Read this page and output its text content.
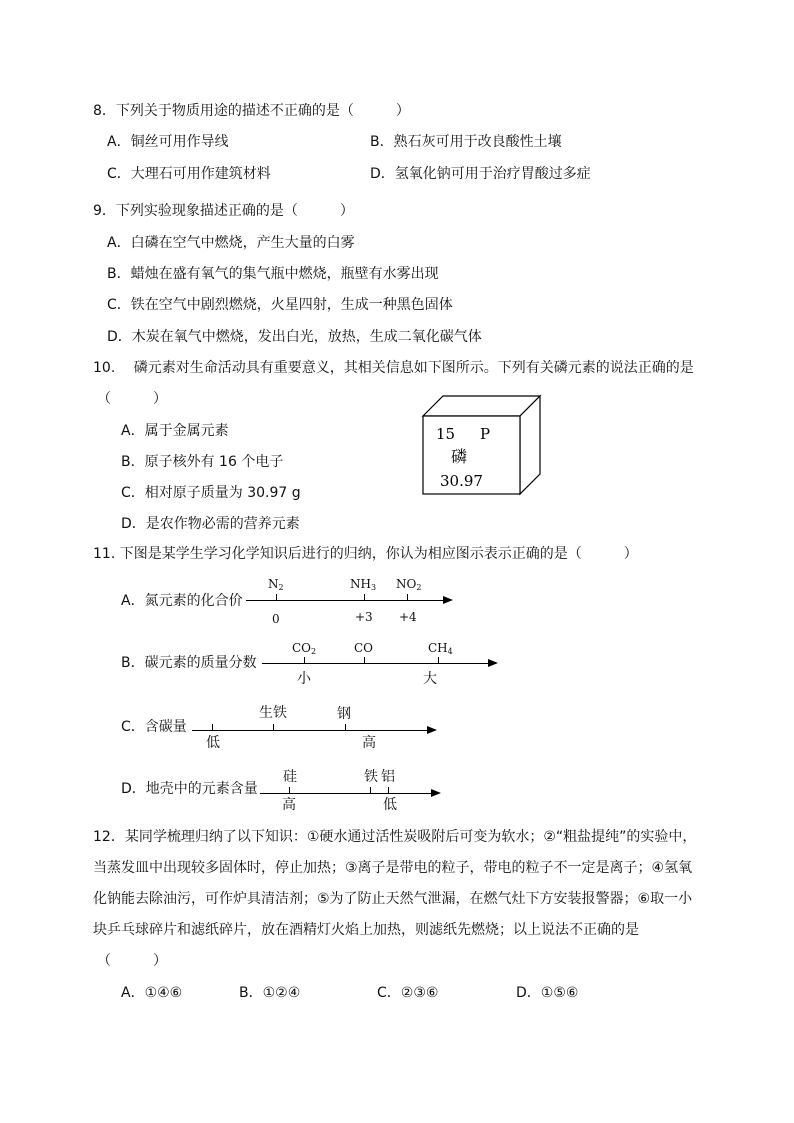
8．下列关于物质用途的描述不正确的是（　　　）
A．铜丝可用作导线	B．熟石灰可用于改良酸性土壤
C．大理石可用作建筑材料	D．氢氧化钠可用于治疗胃酸过多症
9．下列实验现象描述正确的是（　　　）
A．白磷在空气中燃烧，产生大量的白雾
B．蜡烛在盛有氧气的集气瓶中燃烧，瓶壁有水雾出现
C．铁在空气中剧烈燃烧，火星四射，生成一种黑色固体
D．木炭在氧气中燃烧，发出白光，放热，生成二氧化碳气体
10.　 磷元素对生命活动具有重要意义，其相关信息如下图所示。下列有关磷元素的说法正确的是
（　　　）
A．属于金属元素
B．原子核外有 16 个电子
C．相对原子质量为 30.97 g
D．是农作物必需的营养元素
15 P
磷
30.97
11. 下图是某学生学习化学知识后进行的归纳，你认为相应图示表示正确的是（　　　）
A．氮元素的化合价
$N_2$	$NH_3$ $NO_2$
0	+3 +4
B．碳元素的质量分数
$CO_2$	CO	$CH_4$
小	大
C．含碳量
生铁	钢
低	高
D．地壳中的元素含量
硅	铁 铝
高	低
12．某同学梳理归纳了以下知识：①硬水通过活性炭吸附后可变为软水；②“粗盐提纯”的实验中，
当蒸发皿中出现较多固体时，停止加热；③离子是带电的粒子，带电的粒子不一定是离子；④氢氧
化钠能去除油污，可作炉具清洁剂；⑤为了防止天然气泄漏，在燃气灶下方安装报警器；⑥取一小
块乒乓球碎片和滤纸碎片，放在酒精灯火焰上加热，则滤纸先燃烧；以上说法不正确的是
（　　　）
A．①④⑥	B．①②④	C．②③⑥	D．①⑤⑥
